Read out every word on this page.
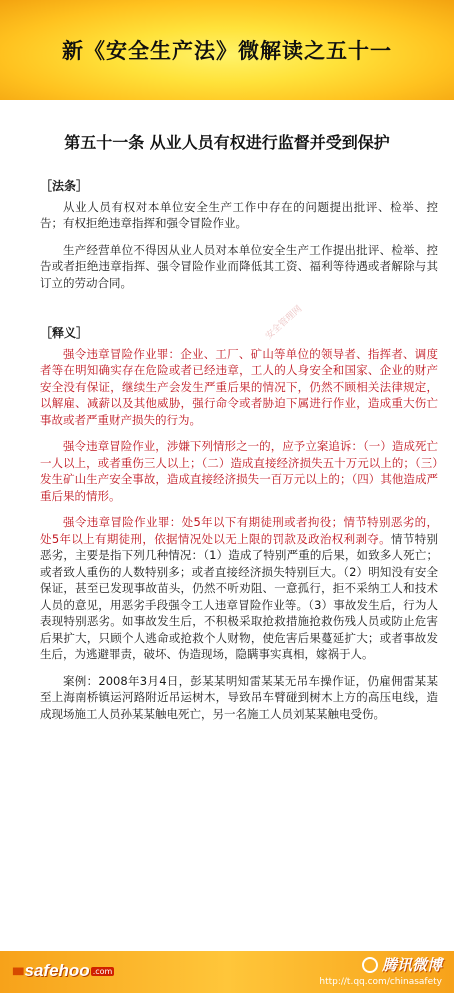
新《安全生产法》微解读之五十一
第五十一条 从业人员有权进行监督并受到保护
［法条］

从业人员有权对本单位安全生产工作中存在的问题提出批评、检举、控告；有权拒绝违章指挥和强令冒险作业。

生产经营单位不得因从业人员对本单位安全生产工作提出批评、检举、控告或者拒绝违章指挥、强令冒险作业而降低其工资、福利等待遇或者解除与其订立的劳动合同。

［释义］

强令违章冒险作业罪：企业、工厂、矿山等单位的领导者、指挥者、调度者等在明知确实存在危险或者已经违章，工人的人身安全和国家、企业的财产安全没有保证，继续生产会发生严重后果的情况下，仍然不顾相关法律规定，以解雇、减薪以及其他威胁，强行命令或者胁迫下属进行作业，造成重大伤亡事故或者严重财产损失的行为。

强令违章冒险作业，涉嫌下列情形之一的，应予立案追诉：（一）造成死亡一人以上，或者重伤三人以上；（二）造成直接经济损失五十万元以上的；（三）发生矿山生产安全事故，造成直接经济损失一百万元以上的；（四）其他造成严重后果的情形。

强令违章冒险作业罪：处5年以下有期徒刑或者拘役；情节特别恶劣的，处5年以上有期徒刑，依据情况处以无上限的罚款及政治权利剥夺。情节特别恶劣，主要是指下列几种情况：（1）造成了特别严重的后果，如致多人死亡；或者致人重伤的人数特别多；或者直接经济损失特别巨大。（2）明知没有安全保证，甚至已发现事故苗头，仍然不听劝阻、一意孤行，拒不采纳工人和技术人员的意见，用恶劣手段强令工人违章冒险作业等。（3）事故发生后，行为人表现特别恶劣。如事故发生后，不积极采取抢救措施抢救伤残人员或防止危害后果扩大，只顾个人逃命或抢救个人财物，使危害后果蔓延扩大；或者事故发生后，为逃避罪责，破坏、伪造现场，隐瞒事实真相，嫁祸于人。

案例：2008年3月4日，彭某某明知雷某某无吊车操作证，仍雇佣雷某某至上海南桥镇运河路附近吊运树木，导致吊车臂碰到树木上方的高压电线，造成现场施工人员孙某某触电死亡，另一名施工人员刘某某触电受伤。

安全管理网
▮▮▮ safehoo .com	腾讯微博
http://t.qq.com/chinasafety
